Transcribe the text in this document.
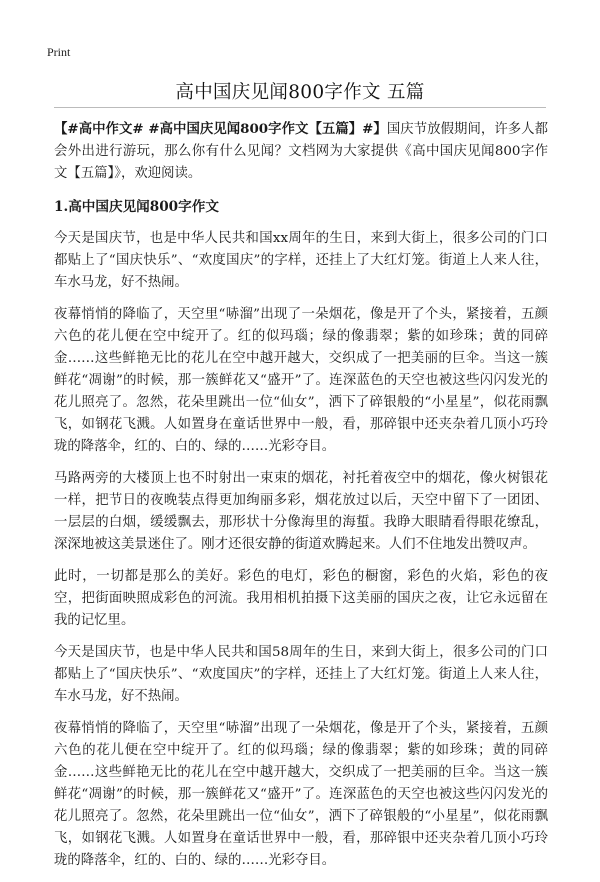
Print
高中国庆见闻800字作文 五篇

【#高中作文# #高中国庆见闻800字作文【五篇】#】国庆节放假期间，许多人都会外出进行游玩，那么你有什么见闻？文档网为大家提供《高中国庆见闻800字作文【五篇】》，欢迎阅读。

1.高中国庆见闻800字作文

今天是国庆节，也是中华人民共和国xx周年的生日，来到大街上，很多公司的门口都贴上了“国庆快乐”、“欢度国庆”的字样，还挂上了大红灯笼。街道上人来人往，车水马龙，好不热闹。

夜幕悄悄的降临了，天空里“哧溜”出现了一朵烟花，像是开了个头，紧接着，五颜六色的花儿便在空中绽开了。红的似玛瑙；绿的像翡翠；紫的如珍珠；黄的同碎金……这些鲜艳无比的花儿在空中越开越大，交织成了一把美丽的巨伞。当这一簇鲜花“凋谢”的时候，那一簇鲜花又“盛开”了。连深蓝色的天空也被这些闪闪发光的花儿照亮了。忽然，花朵里跳出一位“仙女”，洒下了碎银般的“小星星”，似花雨飘飞，如钢花飞溅。人如置身在童话世界中一般，看，那碎银中还夹杂着几顶小巧玲珑的降落伞，红的、白的、绿的……光彩夺目。

马路两旁的大楼顶上也不时射出一束束的烟花，衬托着夜空中的烟花，像火树银花一样，把节日的夜晚装点得更加绚丽多彩，烟花放过以后，天空中留下了一团团、一层层的白烟，缓缓飘去，那形状十分像海里的海蜇。我睁大眼睛看得眼花缭乱，深深地被这美景迷住了。刚才还很安静的街道欢腾起来。人们不住地发出赞叹声。

此时，一切都是那么的美好。彩色的电灯，彩色的橱窗，彩色的火焰，彩色的夜空，把街面映照成彩色的河流。我用相机拍摄下这美丽的国庆之夜，让它永远留在我的记忆里。

今天是国庆节，也是中华人民共和国58周年的生日，来到大街上，很多公司的门口都贴上了“国庆快乐”、“欢度国庆”的字样，还挂上了大红灯笼。街道上人来人往，车水马龙，好不热闹。

夜幕悄悄的降临了，天空里“哧溜”出现了一朵烟花，像是开了个头，紧接着，五颜六色的花儿便在空中绽开了。红的似玛瑙；绿的像翡翠；紫的如珍珠；黄的同碎金……这些鲜艳无比的花儿在空中越开越大，交织成了一把美丽的巨伞。当这一簇鲜花“凋谢”的时候，那一簇鲜花又“盛开”了。连深蓝色的天空也被这些闪闪发光的花儿照亮了。忽然，花朵里跳出一位“仙女”，洒下了碎银般的“小星星”，似花雨飘飞，如钢花飞溅。人如置身在童话世界中一般，看，那碎银中还夹杂着几顶小巧玲珑的降落伞，红的、白的、绿的……光彩夺目。
